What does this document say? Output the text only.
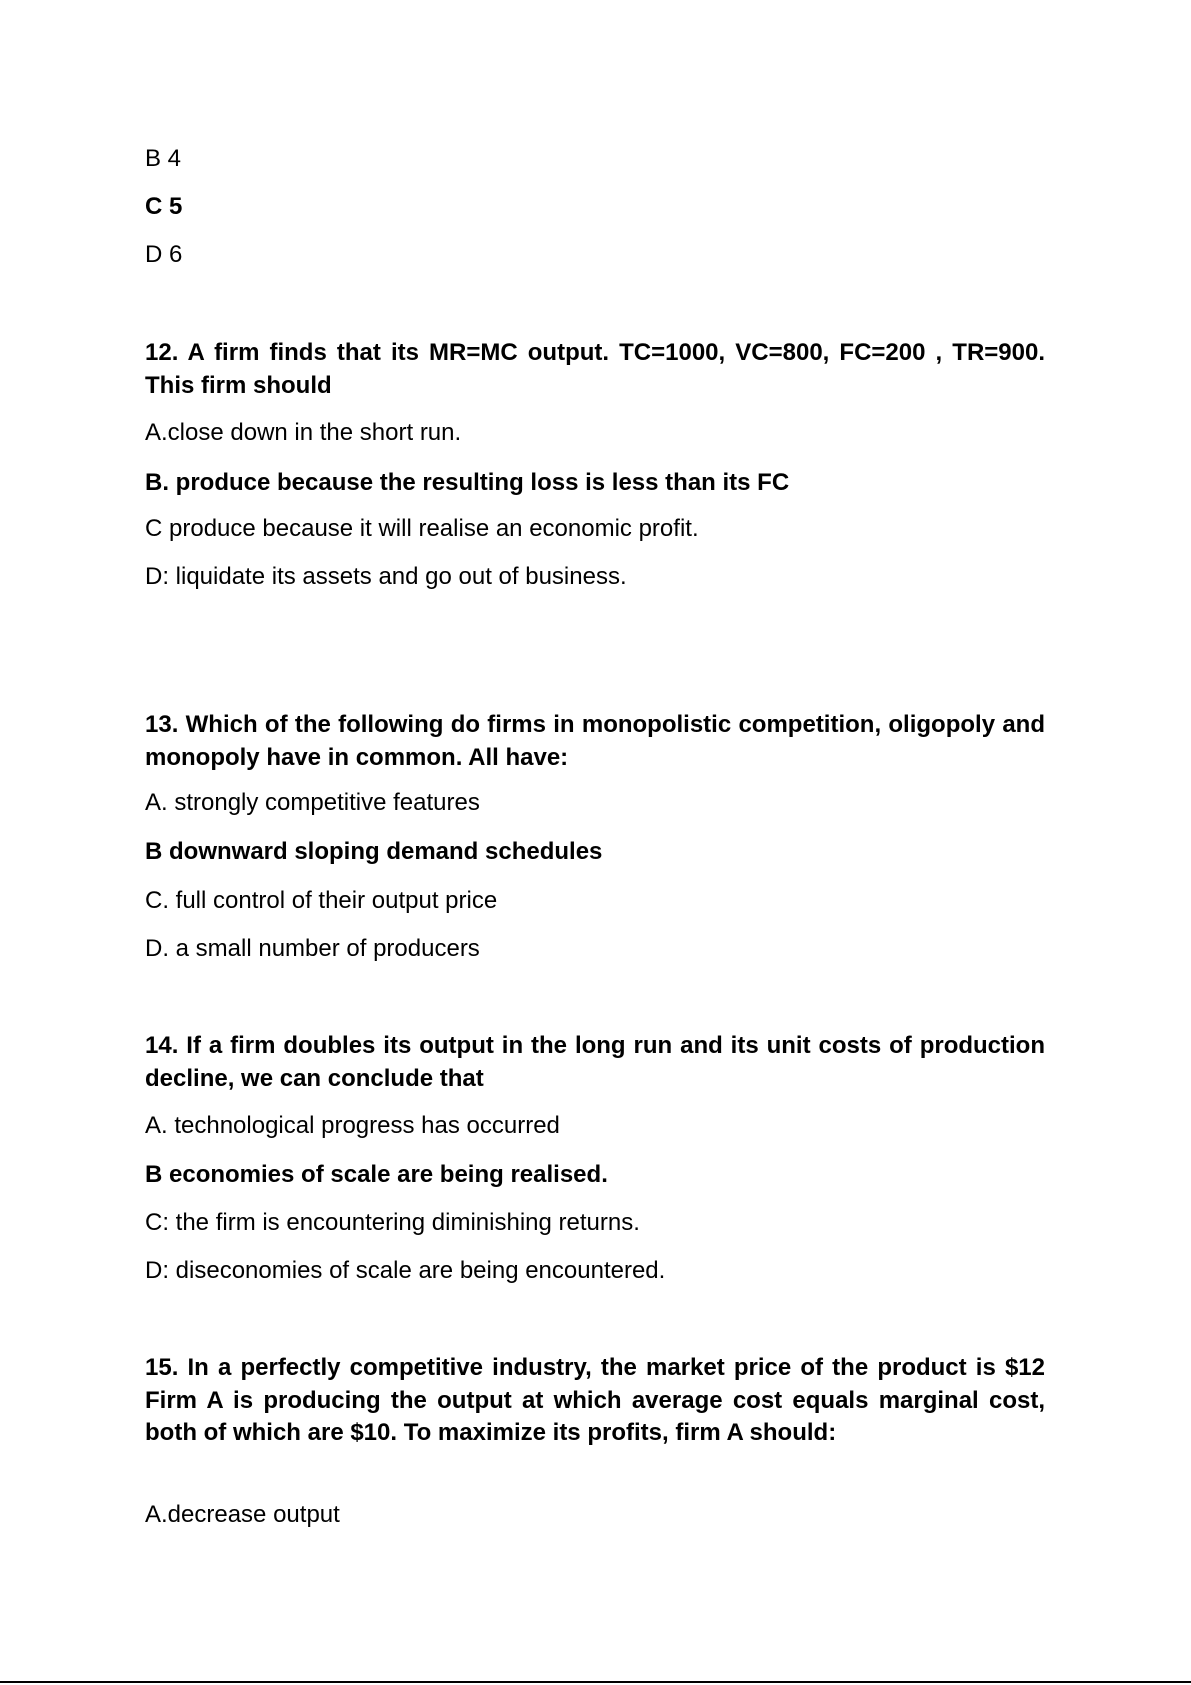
B 4
C 5
D 6
12. A firm finds that its MR=MC output. TC=1000, VC=800, FC=200 , TR=900. This firm should
A.close down in the short run.
B. produce because the resulting loss is less than its FC
C produce because it will realise an economic profit.
D: liquidate its assets and go out of business.
13. Which of the following do firms in monopolistic competition, oligopoly and monopoly have in common. All have:
A. strongly competitive features
B downward sloping demand schedules
C. full control of their output price
D. a small number of producers
14. If a firm doubles its output in the long run and its unit costs of production decline, we can conclude that
A. technological progress has occurred
B economies of scale are being realised.
C: the firm is encountering diminishing returns.
D: diseconomies of scale are being encountered.
15. In a perfectly competitive industry, the market price of the product is $12 Firm A is producing the output at which average cost equals marginal cost, both of which are $10. To maximize its profits, firm A should:
A.decrease output
